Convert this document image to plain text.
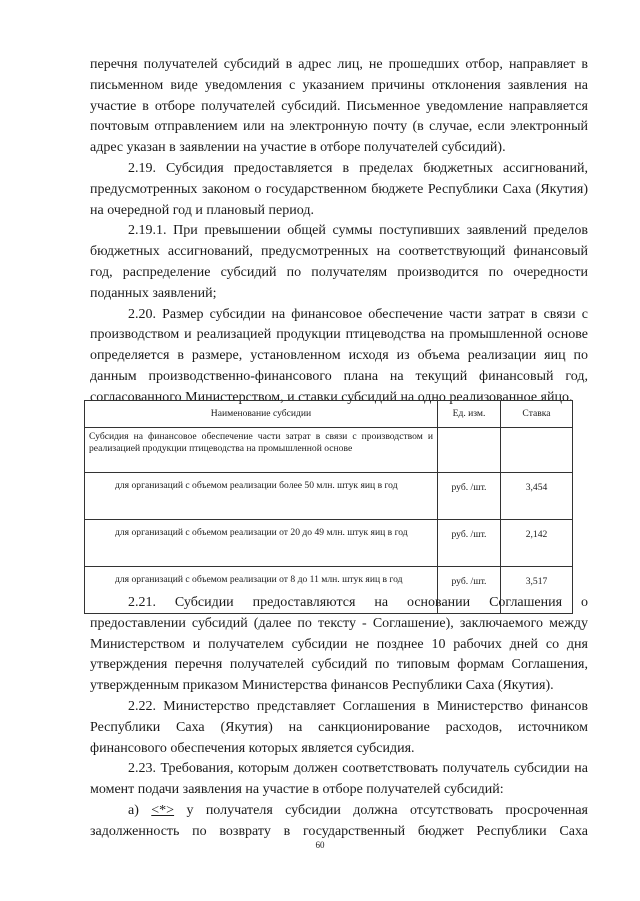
перечня получателей субсидий в адрес лиц, не прошедших отбор, направляет в письменном виде уведомления с указанием причины отклонения заявления на участие в отборе получателей субсидий. Письменное уведомление направляется почтовым отправлением или на электронную почту (в случае, если электронный адрес указан в заявлении на участие в отборе получателей субсидий).

2.19. Субсидия предоставляется в пределах бюджетных ассигнований, предусмотренных законом о государственном бюджете Республики Саха (Якутия) на очередной год и плановый период.

2.19.1. При превышении общей суммы поступивших заявлений пределов бюджетных ассигнований, предусмотренных на соответствующий финансовый год, распределение субсидий по получателям производится по очередности поданных заявлений;

2.20. Размер субсидии на финансовое обеспечение части затрат в связи с производством и реализацией продукции птицеводства на промышленной основе определяется в размере, установленном исходя из объема реализации яиц по данным производственно-финансового плана на текущий финансовый год, согласованного Министерством, и ставки субсидий на одно реализованное яйцо.

Наименование субсидии	Ед. изм.	Ставка
Субсидия на финансовое обеспечение части затрат в связи с производством и реализацией продукции птицеводства на промышленной основе		
для организаций с объемом реализации более 50 млн. штук яиц в год	руб. /шт.	3,454
для организаций с объемом реализации от 20 до 49 млн. штук яиц в год	руб. /шт.	2,142
для организаций с объемом реализации от 8 до 11 млн. штук яиц в год	руб. /шт.	3,517

2.21. Субсидии предоставляются на основании Соглашения о предоставлении субсидий (далее по тексту - Соглашение), заключаемого между Министерством и получателем субсидии не позднее 10 рабочих дней со дня утверждения перечня получателей субсидий по типовым формам Соглашения, утвержденным приказом Министерства финансов Республики Саха (Якутия).

2.22. Министерство представляет Соглашения в Министерство финансов Республики Саха (Якутия) на санкционирование расходов, источником финансового обеспечения которых является субсидия.

2.23. Требования, которым должен соответствовать получатель субсидии на момент подачи заявления на участие в отборе получателей субсидий:

а) <*> у получателя субсидии должна отсутствовать просроченная задолженность по возврату в государственный бюджет Республики Саха

60
